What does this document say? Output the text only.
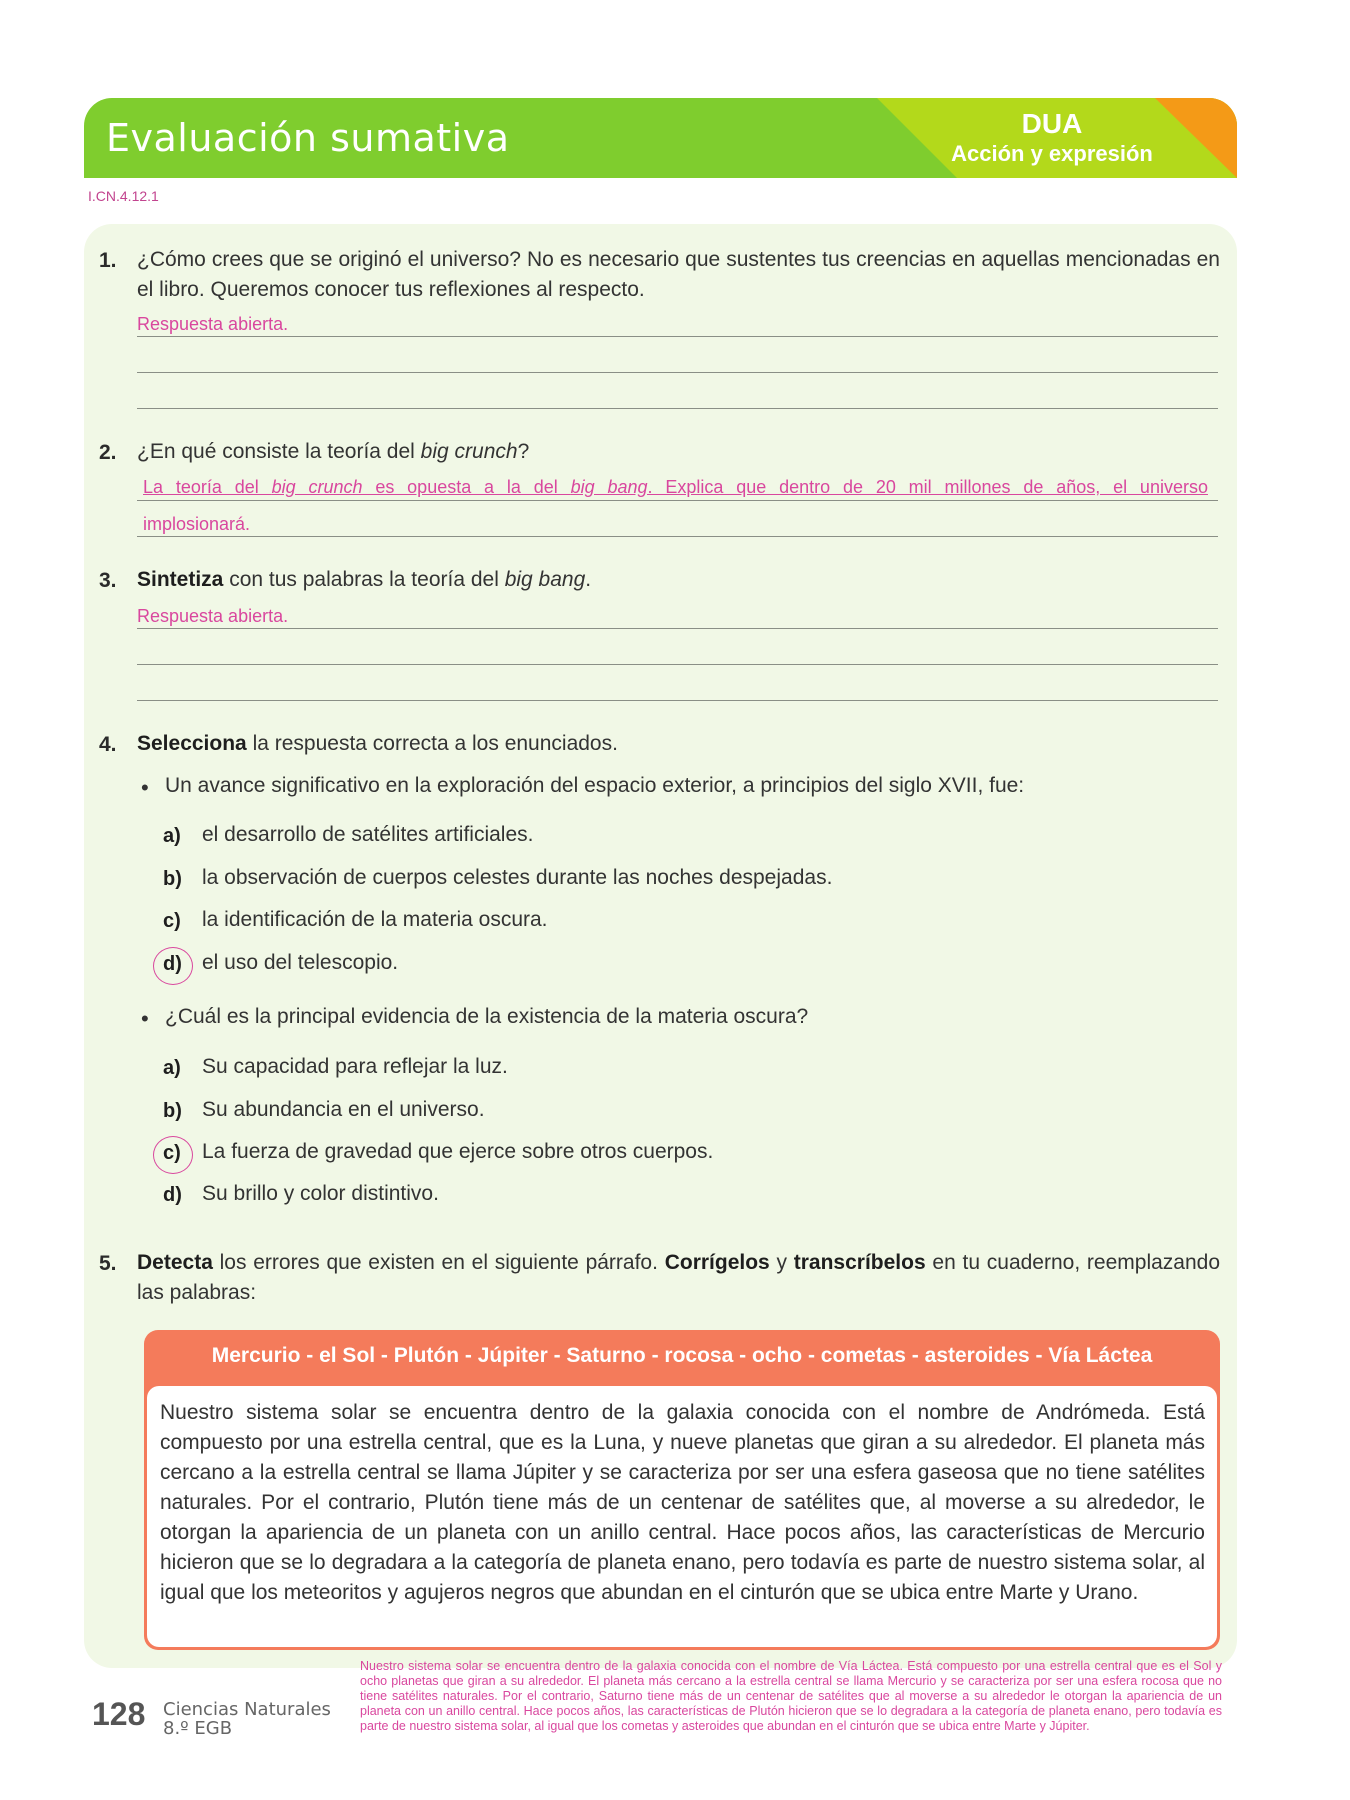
Evaluación sumativa	DUA
Acción y expresión
I.CN.4.12.1
1. ¿Cómo crees que se originó el universo? No es necesario que sustentes tus creencias en aquellas mencionadas en el libro. Queremos conocer tus reflexiones al respecto.
Respuesta abierta.
2. ¿En qué consiste la teoría del big crunch?
La teoría del big crunch es opuesta a la del big bang. Explica que dentro de 20 mil millones de años, el universo
implosionará.
3. Sintetiza con tus palabras la teoría del big bang.
Respuesta abierta.
4. Selecciona la respuesta correcta a los enunciados.
• Un avance significativo en la exploración del espacio exterior, a principios del siglo XVII, fue:
a)	el desarrollo de satélites artificiales.
b) la observación de cuerpos celestes durante las noches despejadas.
c)	la identificación de la materia oscura.
d) el uso del telescopio.
• ¿Cuál es la principal evidencia de la existencia de la materia oscura?
a)	Su capacidad para reflejar la luz.
b) Su abundancia en el universo.
c)	La fuerza de gravedad que ejerce sobre otros cuerpos.
d) Su brillo y color distintivo.
5. Detecta los errores que existen en el siguiente párrafo. Corrígelos y transcríbelos en tu cuaderno, reemplazando las palabras:
Mercurio - el Sol - Plutón - Júpiter - Saturno - rocosa - ocho - cometas - asteroides - Vía Láctea
Nuestro sistema solar se encuentra dentro de la galaxia conocida con el nombre de Andrómeda. Está compuesto por una estrella central, que es la Luna, y nueve planetas que giran a su alrededor. El planeta más cercano a la estrella central se llama Júpiter y se caracteriza por ser una esfera gaseosa que no tiene satélites naturales. Por el contrario, Plutón tiene más de un centenar de satélites que, al moverse a su alrededor, le otorgan la apariencia de un planeta con un anillo central. Hace pocos años, las características de Mercurio hicieron que se lo degradara a la categoría de planeta enano, pero todavía es parte de nuestro sistema solar, al igual que los meteoritos y agujeros negros que abundan en el cinturón que se ubica entre Marte y Urano.
Nuestro sistema solar se encuentra dentro de la galaxia conocida con el nombre de Vía Láctea. Está compuesto por una estrella central que es el Sol y ocho planetas que giran a su alrededor. El planeta más cercano a la estrella central se llama Mercurio y se caracteriza por ser una esfera rocosa que no tiene satélites naturales. Por el contrario, Saturno tiene más de un centenar de satélites que al moverse a su alrededor le otorgan la apariencia de un planeta con un anillo central. Hace pocos años, las características de Plutón hicieron que se lo degradara a la categoría de planeta enano, pero todavía es parte de nuestro sistema solar, al igual que los cometas y asteroides que abundan en el cinturón que se ubica entre Marte y Júpiter.
128 Ciencias Naturales
8.º EGB
